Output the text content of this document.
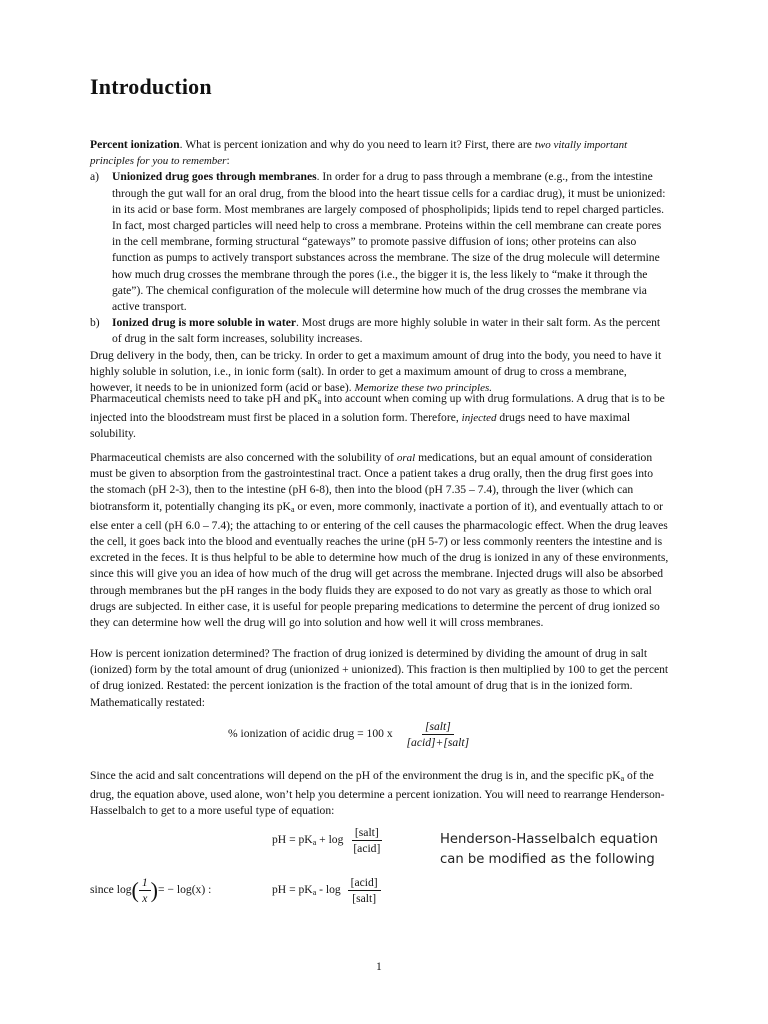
Introduction
Percent ionization. What is percent ionization and why do you need to learn it? First, there are two vitally important principles for you to remember:
a) Unionized drug goes through membranes. In order for a drug to pass through a membrane (e.g., from the intestine through the gut wall for an oral drug, from the blood into the heart tissue cells for a cardiac drug), it must be unionized: in its acid or base form. Most membranes are largely composed of phospholipids; lipids tend to repel charged particles. In fact, most charged particles will need help to cross a membrane. Proteins within the cell membrane can create pores in the cell membrane, forming structural “gateways” to promote passive diffusion of ions; other proteins can also function as pumps to actively transport substances across the membrane. The size of the drug molecule will determine how much drug crosses the membrane through the pores (i.e., the bigger it is, the less likely to “make it through the gate”). The chemical configuration of the molecule will determine how much of the drug crosses the membrane via active transport.
b) Ionized drug is more soluble in water. Most drugs are more highly soluble in water in their salt form. As the percent of drug in the salt form increases, solubility increases.
Drug delivery in the body, then, can be tricky. In order to get a maximum amount of drug into the body, you need to have it highly soluble in solution, i.e., in ionic form (salt). In order to get a maximum amount of drug to cross a membrane, however, it needs to be in unionized form (acid or base). Memorize these two principles.
Pharmaceutical chemists need to take pH and $pK_a$ into account when coming up with drug formulations. A drug that is to be injected into the bloodstream must first be placed in a solution form. Therefore, injected drugs need to have maximal solubility.
Pharmaceutical chemists are also concerned with the solubility of oral medications, but an equal amount of consideration must be given to absorption from the gastrointestinal tract. Once a patient takes a drug orally, then the drug first goes into the stomach (pH 2-3), then to the intestine (pH 6-8), then into the blood (pH 7.35 – 7.4), through the liver (which can biotransform it, potentially changing its $pK_a$ or even, more commonly, inactivate a portion of it), and eventually attach to or else enter a cell (pH 6.0 – 7.4); the attaching to or entering of the cell causes the pharmacologic effect. When the drug leaves the cell, it goes back into the blood and eventually reaches the urine (pH 5-7) or less commonly reenters the intestine and is excreted in the feces. It is thus helpful to be able to determine how much of the drug is ionized in any of these environments, since this will give you an idea of how much of the drug will get across the membrane. Injected drugs will also be absorbed through membranes but the pH ranges in the body fluids they are exposed to do not vary as greatly as those to which oral drugs are subjected. In either case, it is useful for people preparing medications to determine the percent of drug ionized so they can determine how well the drug will go into solution and how well it will cross membranes.
How is percent ionization determined? The fraction of drug ionized is determined by dividing the amount of drug in salt (ionized) form by the total amount of drug (unionized + unionized). This fraction is then multiplied by 100 to get the percent of drug ionized. Restated: the percent ionization is the fraction of the total amount of drug that is in the ionized form. Mathematically restated:
% ionization of acidic drug = 100 x $\frac{\text{[salt]}}{\text{[acid]+[salt]}}$
Since the acid and salt concentrations will depend on the pH of the environment the drug is in, and the specific $pK_a$ of the drug, the equation above, used alone, won’t help you determine a percent ionization. You will need to rearrange Henderson-Hasselbalch to get to a more useful type of equation:
pH = $pK_a + \log \frac{\text{[salt]}}{\text{[acid]}}$	Henderson-Hasselbalch equation
can be modified as the following
since $\log( \frac{1}{x}$ )= − log(x) :	pH = $pK_a$ - $\log \frac{\text{[acid]}}{\text{[salt]}}$
1
